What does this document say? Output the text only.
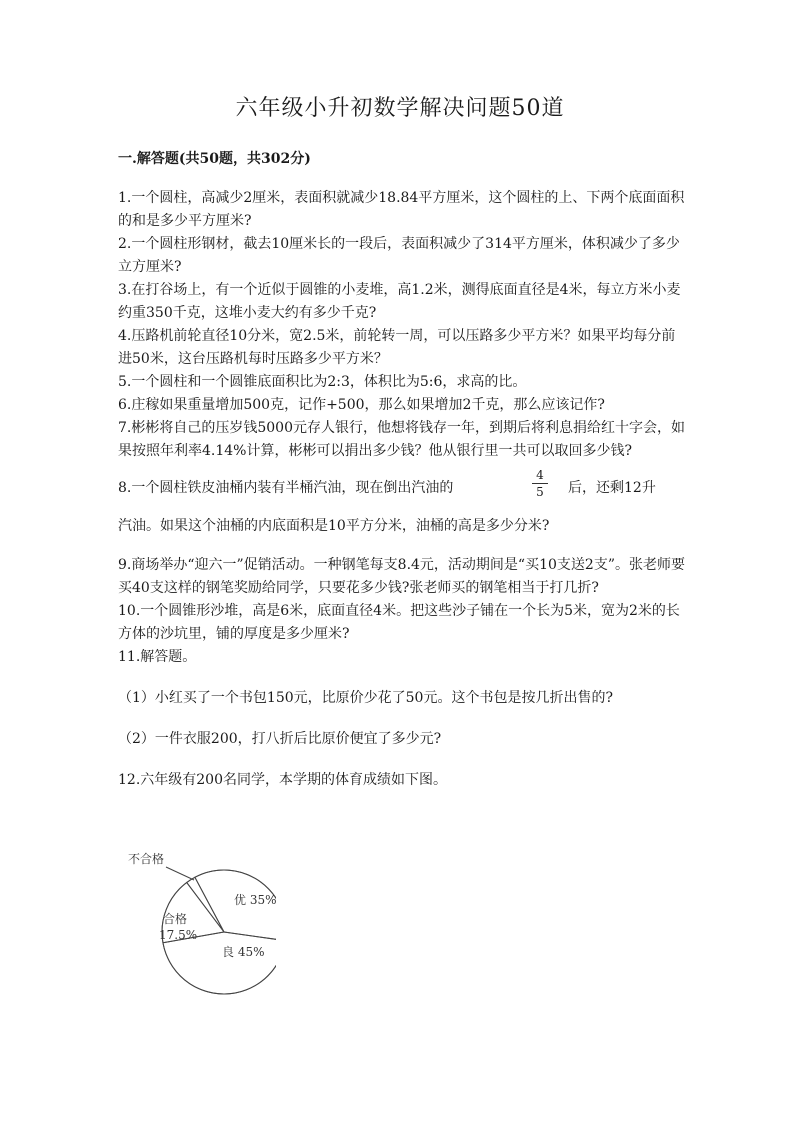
六年级小升初数学解决问题50道
一.解答题(共50题，共302分)

1.一个圆柱，高减少2厘米，表面积就减少18.84平方厘米，这个圆柱的上、下两个底面面积的和是多少平方厘米?

2.一个圆柱形钢材，截去10厘米长的一段后，表面积减少了314平方厘米，体积减少了多少立方厘米?

3.在打谷场上，有一个近似于圆锥的小麦堆，高1.2米，测得底面直径是4米，每立方米小麦约重350千克，这堆小麦大约有多少千克?

4.压路机前轮直径10分米，宽2.5米，前轮转一周，可以压路多少平方米？如果平均每分前进50米，这台压路机每时压路多少平方米？

5.一个圆柱和一个圆锥底面积比为2:3，体积比为5:6，求高的比。

6.庄稼如果重量增加500克，记作+500，那么如果增加2千克，那么应该记作?

7.彬彬将自己的压岁钱5000元存人银行，他想将钱存一年，到期后将利息捐给红十字会，如果按照年利率4.14%计算，彬彬可以捐出多少钱？他从银行里一共可以取回多少钱?

8.一个圆柱铁皮油桶内装有半桶汽油，现在倒出汽油的	$\frac{4}{5}$ 后，还剩12升

汽油。如果这个油桶的内底面积是10平方分米，油桶的高是多少分米?

9.商场举办“迎六一”促销活动。一种钢笔每支8.4元，活动期间是“买10支送2支”。张老师要买40支这样的钢笔奖励给同学，只要花多少钱?张老师买的钢笔相当于打几折?

10.一个圆锥形沙堆，高是6米，底面直径4米。把这些沙子铺在一个长为5米，宽为2米的长方体的沙坑里，铺的厚度是多少厘米?

11.解答题。

（1）小红买了一个书包150元，比原价少花了50元。这个书包是按几折出售的?

（2）一件衣服200，打八折后比原价便宜了多少元?

12.六年级有200名同学，本学期的体育成绩如下图。

优 35%
良 45%
合格
17.5%
不合格
